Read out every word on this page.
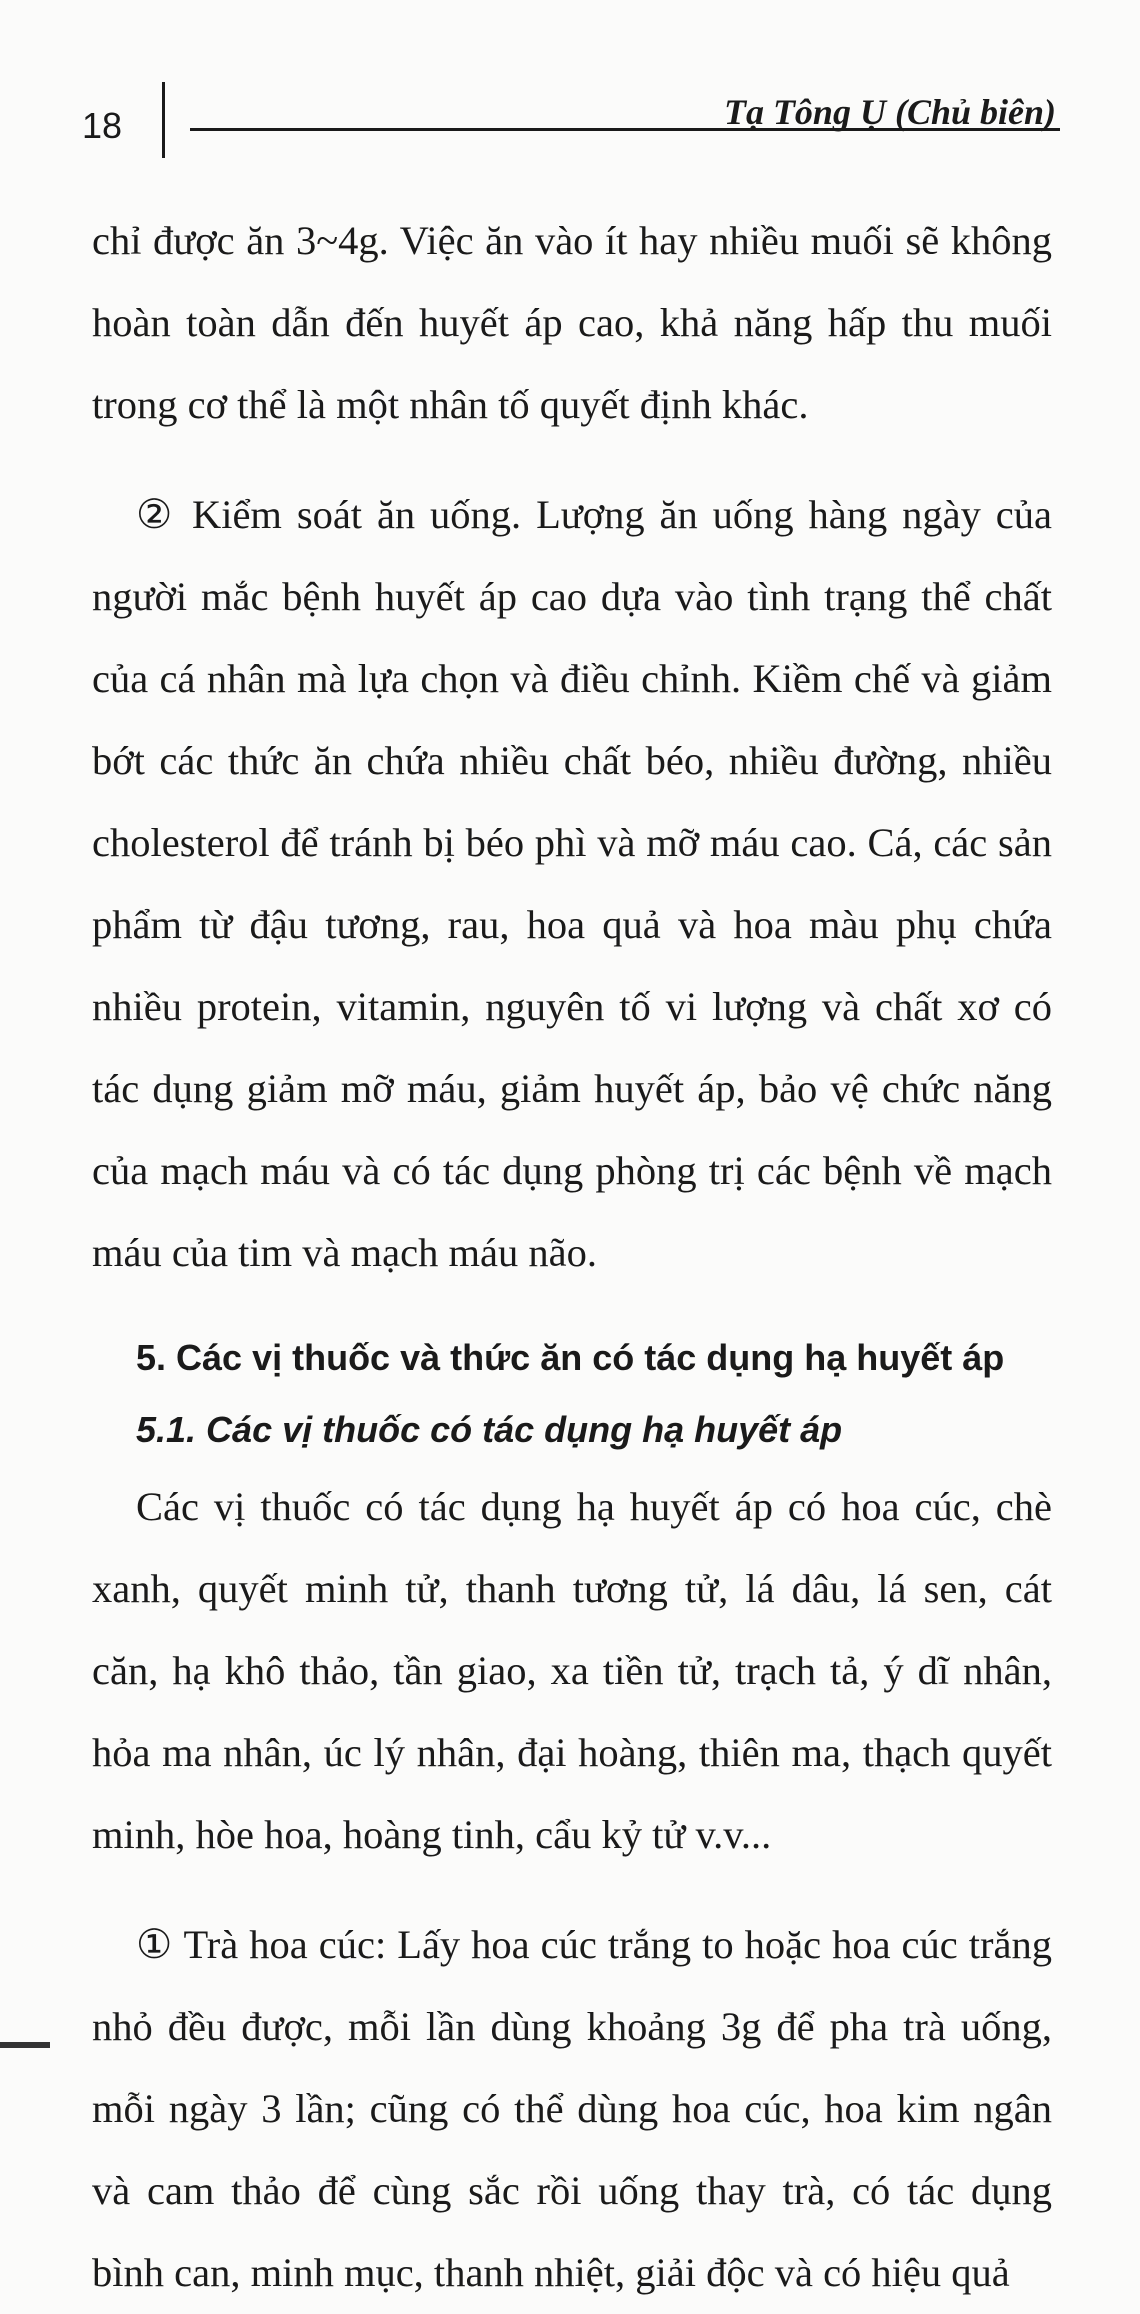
18	Tạ Tông Ụ (Chủ biên)

chỉ được ăn 3~4g. Việc ăn vào ít hay nhiều muối sẽ không hoàn toàn dẫn đến huyết áp cao, khả năng hấp thu muối trong cơ thể là một nhân tố quyết định khác.

② Kiểm soát ăn uống. Lượng ăn uống hàng ngày của người mắc bệnh huyết áp cao dựa vào tình trạng thể chất của cá nhân mà lựa chọn và điều chỉnh. Kiềm chế và giảm bớt các thức ăn chứa nhiều chất béo, nhiều đường, nhiều cholesterol để tránh bị béo phì và mỡ máu cao. Cá, các sản phẩm từ đậu tương, rau, hoa quả và hoa màu phụ chứa nhiều protein, vitamin, nguyên tố vi lượng và chất xơ có tác dụng giảm mỡ máu, giảm huyết áp, bảo vệ chức năng của mạch máu và có tác dụng phòng trị các bệnh về mạch máu của tim và mạch máu não.

5. Các vị thuốc và thức ăn có tác dụng hạ huyết áp
5.1. Các vị thuốc có tác dụng hạ huyết áp

Các vị thuốc có tác dụng hạ huyết áp có hoa cúc, chè xanh, quyết minh tử, thanh tương tử, lá dâu, lá sen, cát căn, hạ khô thảo, tần giao, xa tiền tử, trạch tả, ý dĩ nhân, hỏa ma nhân, úc lý nhân, đại hoàng, thiên ma, thạch quyết minh, hòe hoa, hoàng tinh, cẩu kỷ tử v.v...

① Trà hoa cúc: Lấy hoa cúc trắng to hoặc hoa cúc trắng nhỏ đều được, mỗi lần dùng khoảng 3g để pha trà uống, mỗi ngày 3 lần; cũng có thể dùng hoa cúc, hoa kim ngân và cam thảo để cùng sắc rồi uống thay trà, có tác dụng bình can, minh mục, thanh nhiệt, giải độc và có hiệu quả
